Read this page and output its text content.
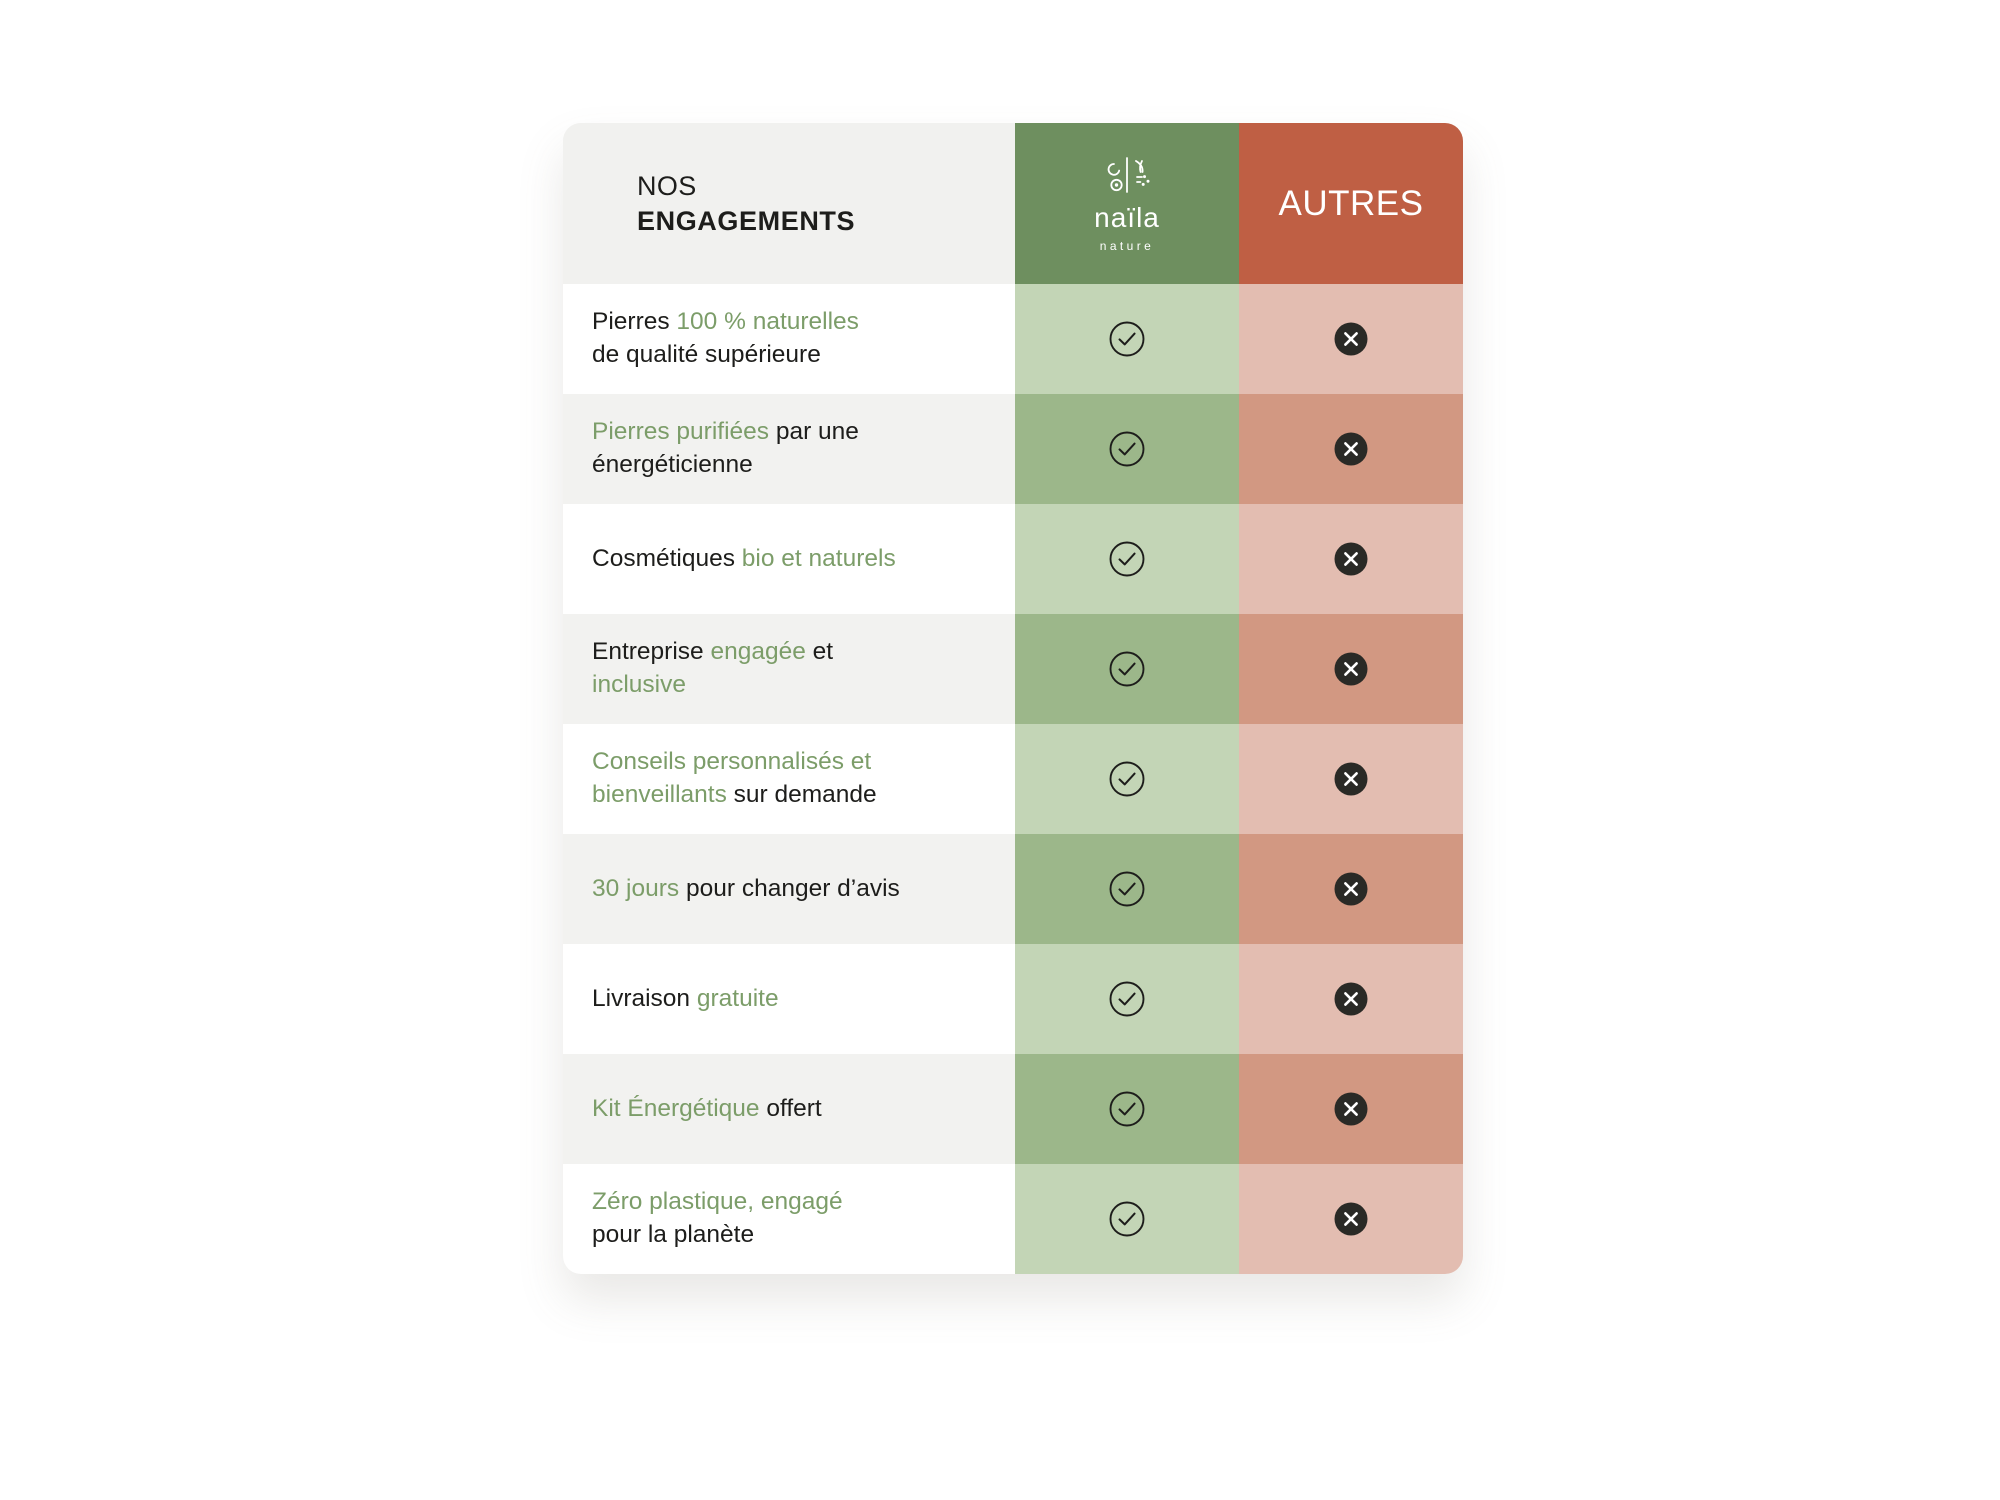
NOS
ENGAGEMENTS	naïla
nature
AUTRES
Pierres 100 % naturelles
de qualité supérieure
Pierres purifiées par une
énergéticienne
Cosmétiques bio et naturels
Entreprise engagée et
inclusive
Conseils personnalisés et
bienveillants sur demande
30 jours pour changer d’avis
Livraison gratuite
Kit Énergétique offert
Zéro plastique, engagé
pour la planète
